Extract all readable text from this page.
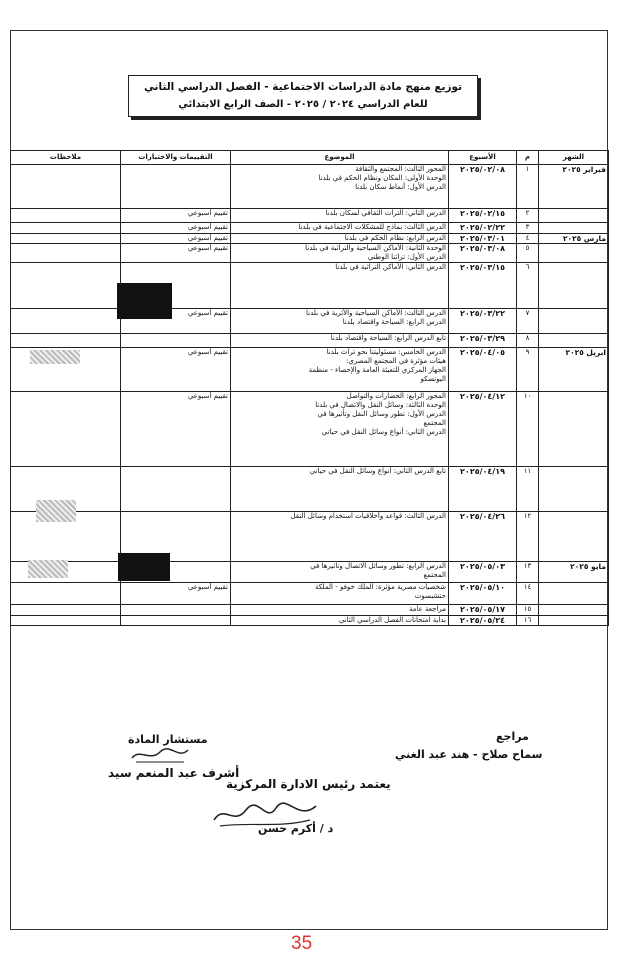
توزيع منهج مادة الدراسات الاجتماعية - الفصل الدراسي الثاني
للعام الدراسي ٢٠٢٤ / ٢٠٢٥ - الصف الرابع الابتدائي
الشهر	م	الأسبوع	الموضوع	التقييمات والاختبارات	ملاحظات
فبراير ٢٠٢٥	١	٢٠٢٥/٠٢/٠٨	المحور الثالث: المجتمع والثقافة
الوحدة الأولى: المكان ونظام الحكم في بلدنا
الدرس الأول: أنماط سكان بلدنا		

	٢	٢٠٢٥/٠٢/١٥	الدرس الثاني: التراث الثقافي لسكان بلدنا	تقييم أسبوعي	
	٣	٢٠٢٥/٠٢/٢٢	الدرس الثالث: نماذج للمشكلات الاجتماعية في بلدنا	تقييم أسبوعي	
مارس ٢٠٢٥	٤	٢٠٢٥/٠٣/٠١	الدرس الرابع: نظام الحكم في بلدنا	تقييم أسبوعي	
	٥	٢٠٢٥/٠٣/٠٨	الوحدة الثانية: الأماكن السياحية والتراثية في بلدنا
الدرس الأول: تراثنا الوطني	تقييم أسبوعي	
	٦	٢٠٢٥/٠٣/١٥	الدرس الثاني: الأماكن التراثية في بلدنا		

	٧	٢٠٢٥/٠٣/٢٢	الدرس الثالث: الأماكن السياحية والأثرية في بلدنا
الدرس الرابع: السياحة واقتصاد بلدنا	تقييم أسبوعي	
	٨	٢٠٢٥/٠٣/٢٩	تابع الدرس الرابع: السياحة واقتصاد بلدنا		

ابريل ٢٠٢٥	٩	٢٠٢٥/٠٤/٠٥	الدرس الخامس: مسئوليتنا نحو تراث بلدنا
هيئات مؤثرة في المجتمع المصري:
الجهاز المركزي للتعبئة العامة والإحصاء - منظمة
اليونسكو	تقييم أسبوعي	
	١٠	٢٠٢٥/٠٤/١٢	المحور الرابع: الحضارات والتواصل
الوحدة الثالثة: وسائل النقل والاتصال في بلدنا
الدرس الأول: تطور وسائل النقل وتأثيرها في
المجتمع
الدرس الثاني: أنواع وسائل النقل في حياتي	تقييم أسبوعي	
	١١	٢٠٢٥/٠٤/١٩	تابع الدرس الثاني: أنواع وسائل النقل في حياتي		

	١٢	٢٠٢٥/٠٤/٢٦	الدرس الثالث: قواعد وأخلاقيات استخدام وسائل النقل		

مايو ٢٠٢٥	١٣	٢٠٢٥/٠٥/٠٣	الدرس الرابع: تطور وسائل الاتصال وتأثيرها في
المجتمع		

	١٤	٢٠٢٥/٠٥/١٠	شخصيات مصرية مؤثرة: الملك خوفو - الملكة
حتشبسوت	تقييم أسبوعي	
	١٥	٢٠٢٥/٠٥/١٧	مراجعة عامة		

	١٦	٢٠٢٥/٠٥/٢٤	بداية امتحانات الفصل الدراسي الثاني		

مستشار المادة
أشرف عبد المنعم سيد
مراجع
سماح صلاح - هند عبد الغني
يعتمد رئيس الادارة المركزية
د / أكرم حسن
35
